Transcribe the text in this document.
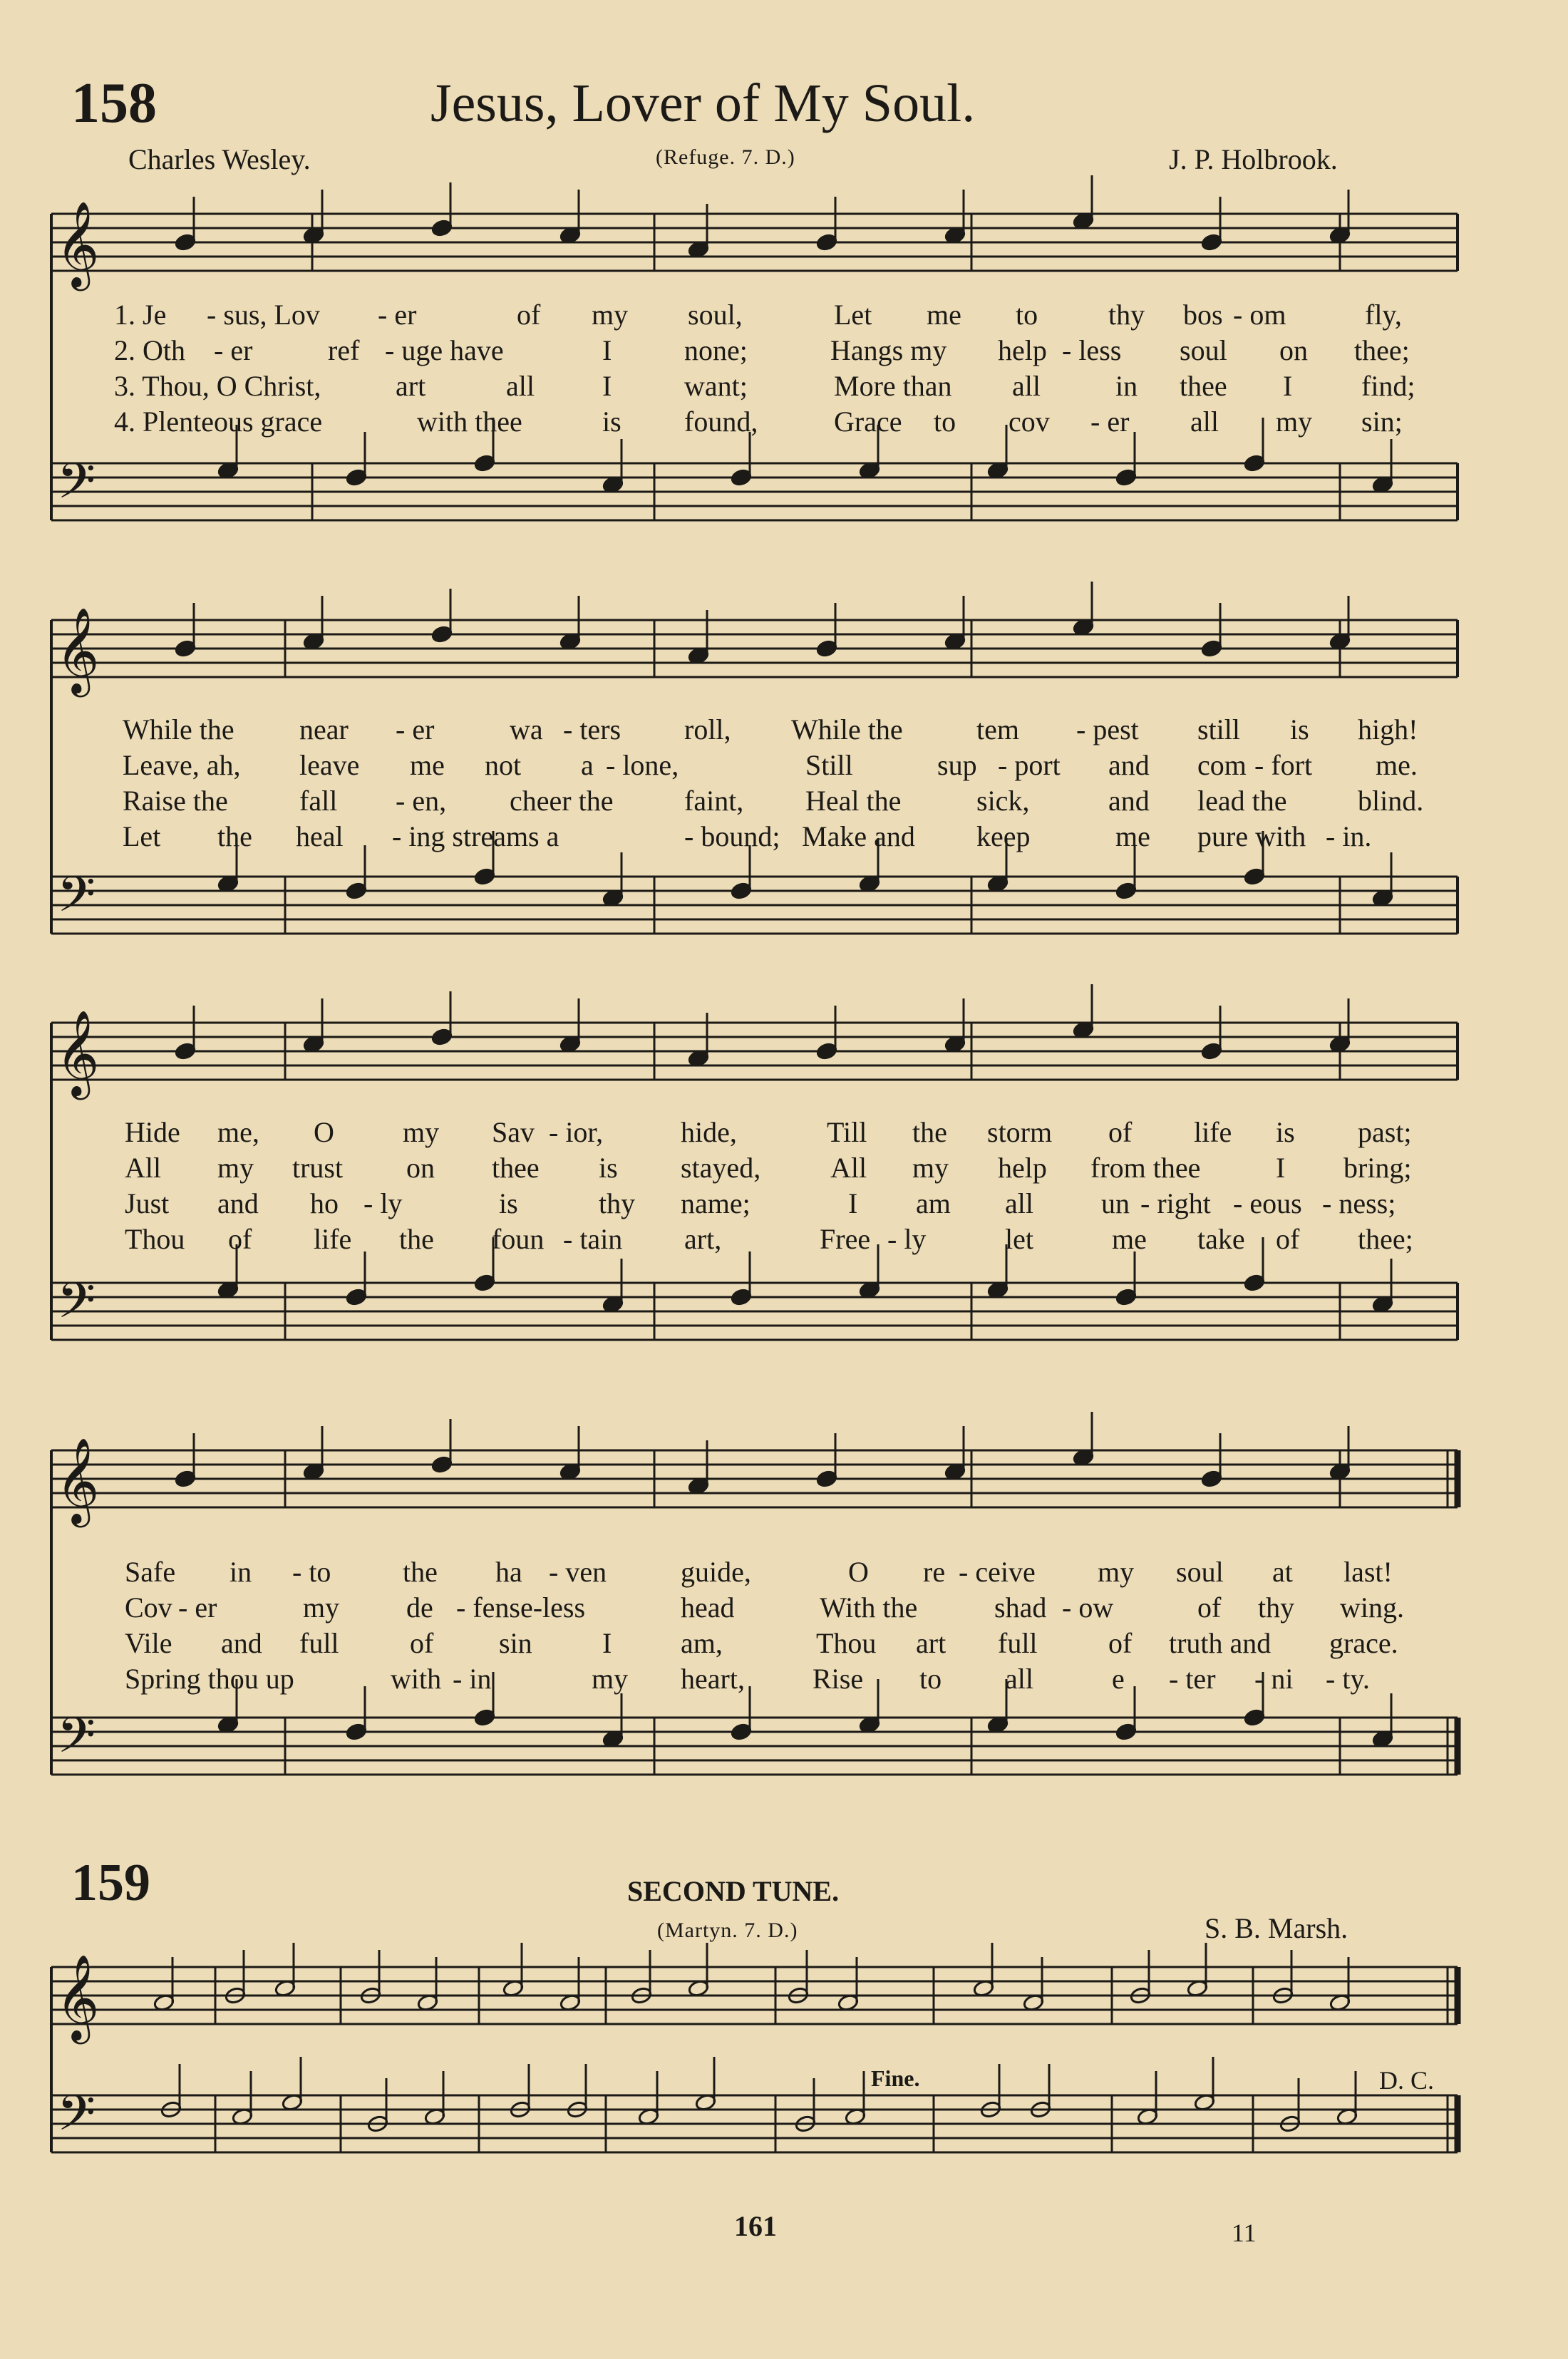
158	Jesus, Lover of My Soul.
Charles Wesley.	(Refuge. 7. D.)	J. P. Holbrook.
𝄞
𝄢
𝄞
𝄢
𝄞
𝄢
𝄞
𝄢
𝄞
𝄢
1. Je - sus, Lov - er	of my soul,	Let me to thy bos - om	fly,
2. Oth - er	ref - uge have	I	none;	Hangs my help - less soul on thee;
3. Thou, O Christ,	art	all I	want;	More than all	in thee I find;
4. Plenteous grace	with thee	is found,	Grace to cov - er all my sin;
While the near - er	wa - ters roll, While the	tem - pest still is high!
Leave, ah, leave me not a - lone,	Still	sup - port and com - fort me.
Raise the	fall - en, cheer the faint, Heal the	sick,	and lead the blind.
Let the heal - ing streams a	- bound; Make and keep	me pure with - in.
Hide me, O my Sav - ior,	hide,	Till the storm of life is past;
All my trust on thee is stayed, All my help from thee	I bring;
Just and ho - ly	is	thy name;	I am all un - right - eous - ness;
Thou of life the foun - tain art,	Free - ly	let	me take of thee;
Safe in - to	the ha - ven	guide,	O re - ceive my soul at last!
Cov - er	my de - fense-less	head	With the	shad - ow	of thy wing.
Vile and full of sin I am,	Thou art full of truth and grace.
Spring thou up	with - in	my heart, Rise to all	e - ter - ni - ty.
159	SECOND TUNE.
(Martyn. 7. D.)	S. B. Marsh.
Fine.	D. C.
161	11
